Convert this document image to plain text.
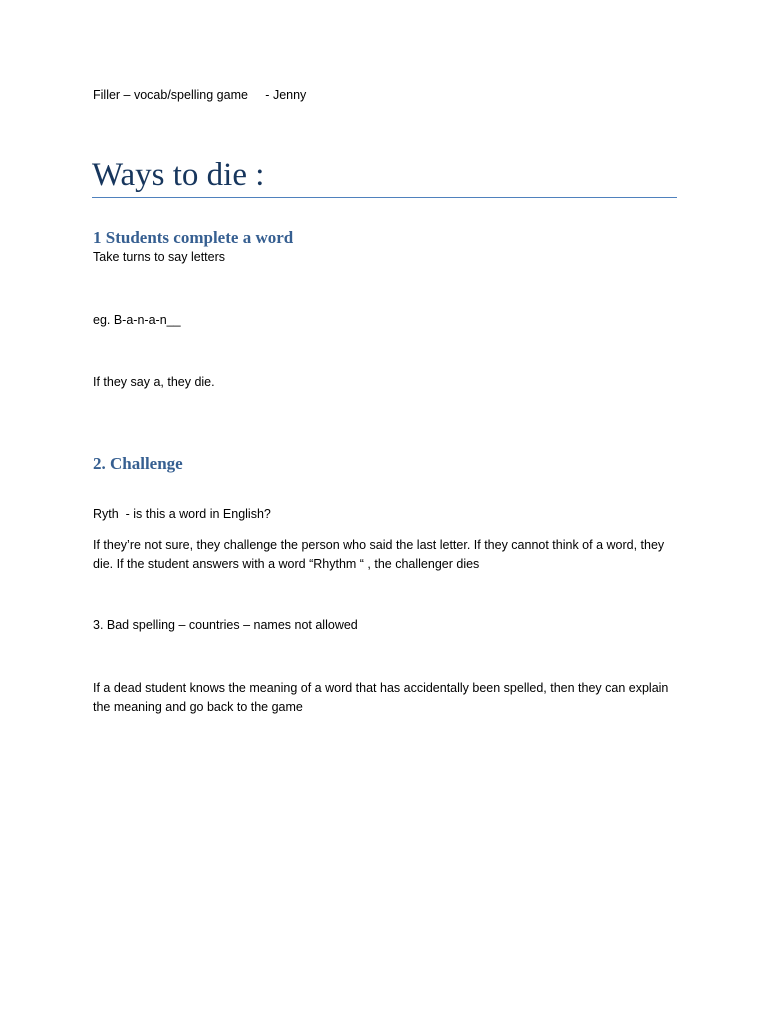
Filler – vocab/spelling game     - Jenny
Ways to die :
1 Students complete a word
Take turns to say letters
eg. B-a-n-a-n__
If they say a, they die.
2. Challenge
Ryth  - is this a word in English?
If they’re not sure, they challenge the person who said the last letter. If they cannot think of a word, they die. If the student answers with a word “Rhythm “ , the challenger dies
3. Bad spelling – countries – names not allowed
If a dead student knows the meaning of a word that has accidentally been spelled, then they can explain the meaning and go back to the game
